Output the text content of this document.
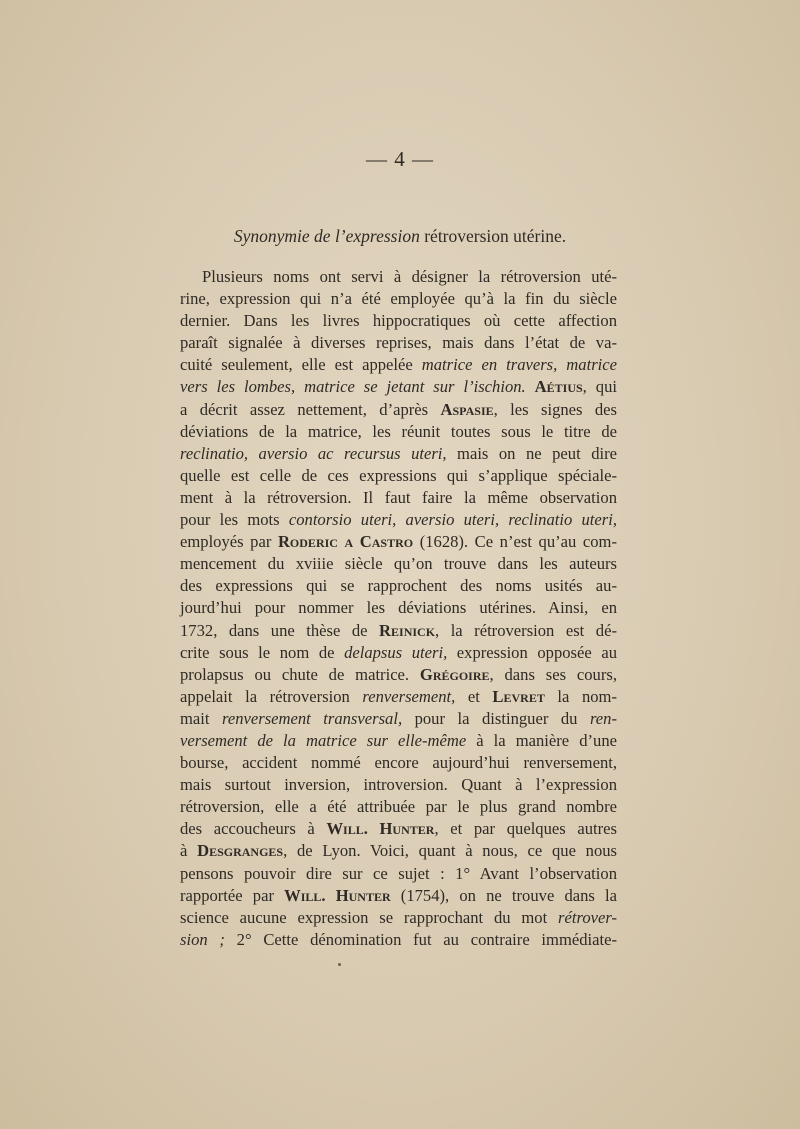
— 4 —
Synonymie de l’expression rétroversion utérine.
Plusieurs noms ont servi à désigner la rétroversion uté-
rine, expression qui n’a été employée qu’à la fin du siècle
dernier. Dans les livres hippocratiques où cette affection
paraît signalée à diverses reprises, mais dans l’état de va-
cuité seulement, elle est appelée matrice en travers, matrice
vers les lombes, matrice se jetant sur l’ischion. Aétius, qui
a décrit assez nettement, d’après Aspasie, les signes des
déviations de la matrice, les réunit toutes sous le titre de
reclinatio, aversio ac recursus uteri, mais on ne peut dire
quelle est celle de ces expressions qui s’applique spéciale-
ment à la rétroversion. Il faut faire la même observation
pour les mots contorsio uteri, aversio uteri, reclinatio uteri,
employés par Roderic a Castro (1628). Ce n’est qu’au com-
mencement du xviiie siècle qu’on trouve dans les auteurs
des expressions qui se rapprochent des noms usités au-
jourd’hui pour nommer les déviations utérines. Ainsi, en
1732, dans une thèse de Reinick, la rétroversion est dé-
crite sous le nom de delapsus uteri, expression opposée au
prolapsus ou chute de matrice. Grégoire, dans ses cours,
appelait la rétroversion renversement, et Levret la nom-
mait renversement transversal, pour la distinguer du ren-
versement de la matrice sur elle-même à la manière d’une
bourse, accident nommé encore aujourd’hui renversement,
mais surtout inversion, introversion. Quant à l’expression
rétroversion, elle a été attribuée par le plus grand nombre
des accoucheurs à Will. Hunter, et par quelques autres
à Desgranges, de Lyon. Voici, quant à nous, ce que nous
pensons pouvoir dire sur ce sujet : 1° Avant l’observation
rapportée par Will. Hunter (1754), on ne trouve dans la
science aucune expression se rapprochant du mot rétrover-
sion ; 2° Cette dénomination fut au contraire immédiate-
